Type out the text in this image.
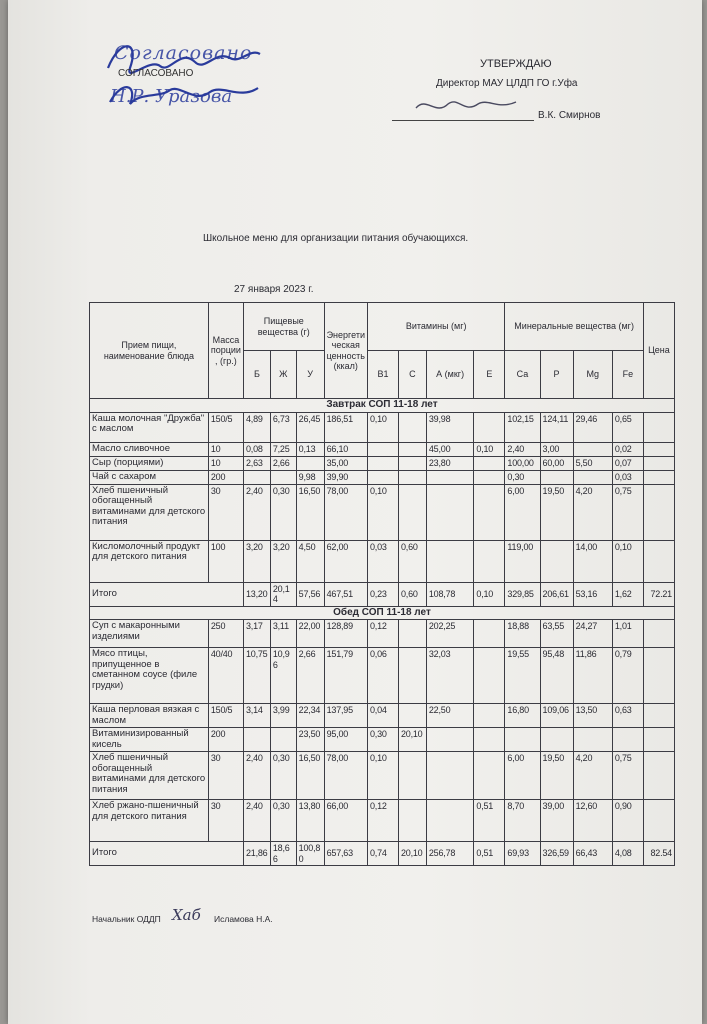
Согласовано
СОГЛАСОВАНО
Н.Р. Уразова
УТВЕРЖДАЮ
Директор МАУ ЦЛДП ГО г.Уфа
В.К. Смирнов
Школьное меню для организации питания обучающихся.
27 января 2023 г.
Прием пищи, наименование блюда	Масса порции, (гр.)	Пищевые вещества (г)			Энергетическая ценность (ккал)	Витамины (мг)				Минеральные вещества (мг)				Цена
		Б	Ж	У		В1	С	А (мкг)	Е	Са	Р	Mg	Fe	
Завтрак СОП 11-18 лет														
Каша молочная "Дружба" с маслом	150/5	4,89	6,73	26,45	186,51	0,10		39,98		102,15	124,11	29,46	0,65	
Масло сливочное	10	0,08	7,25	0,13	66,10			45,00	0,10	2,40	3,00		0,02	
Сыр (порциями)	10	2,63	2,66		35,00			23,80		100,00	60,00	5,50	0,07	
Чай с сахаром	200			9,98	39,90					0,30			0,03	
Хлеб пшеничный обогащенный витаминами для детского питания	30	2,40	0,30	16,50	78,00	0,10				6,00	19,50	4,20	0,75	
Кисломолочный продукт для детского питания	100	3,20	3,20	4,50	62,00	0,03	0,60			119,00		14,00	0,10	
Итого		13,20	20,14	57,56	467,51	0,23	0,60	108,78	0,10	329,85	206,61	53,16	1,62	72.21
Обед СОП 11-18 лет														
Суп с макаронными изделиями	250	3,17	3,11	22,00	128,89	0,12		202,25		18,88	63,55	24,27	1,01	
Мясо птицы, припущенное в сметанном соусе (филе грудки)	40/40	10,75	10,96	2,66	151,79	0,06		32,03		19,55	95,48	11,86	0,79	
Каша перловая вязкая с маслом	150/5	3,14	3,99	22,34	137,95	0,04		22,50		16,80	109,06	13,50	0,63	
Витаминизированный кисель	200			23,50	95,00	0,30	20,10							
Хлеб пшеничный обогащенный витаминами для детского питания	30	2,40	0,30	16,50	78,00	0,10				6,00	19,50	4,20	0,75	
Хлеб ржано-пшеничный для детского питания	30	2,40	0,30	13,80	66,00	0,12			0,51	8,70	39,00	12,60	0,90	
Итого		21,86	18,66	100,80	657,63	0,74	20,10	256,78	0,51	69,93	326,59	66,43	4,08	82.54
Начальник ОДДП Хаб Исламова Н.А.
